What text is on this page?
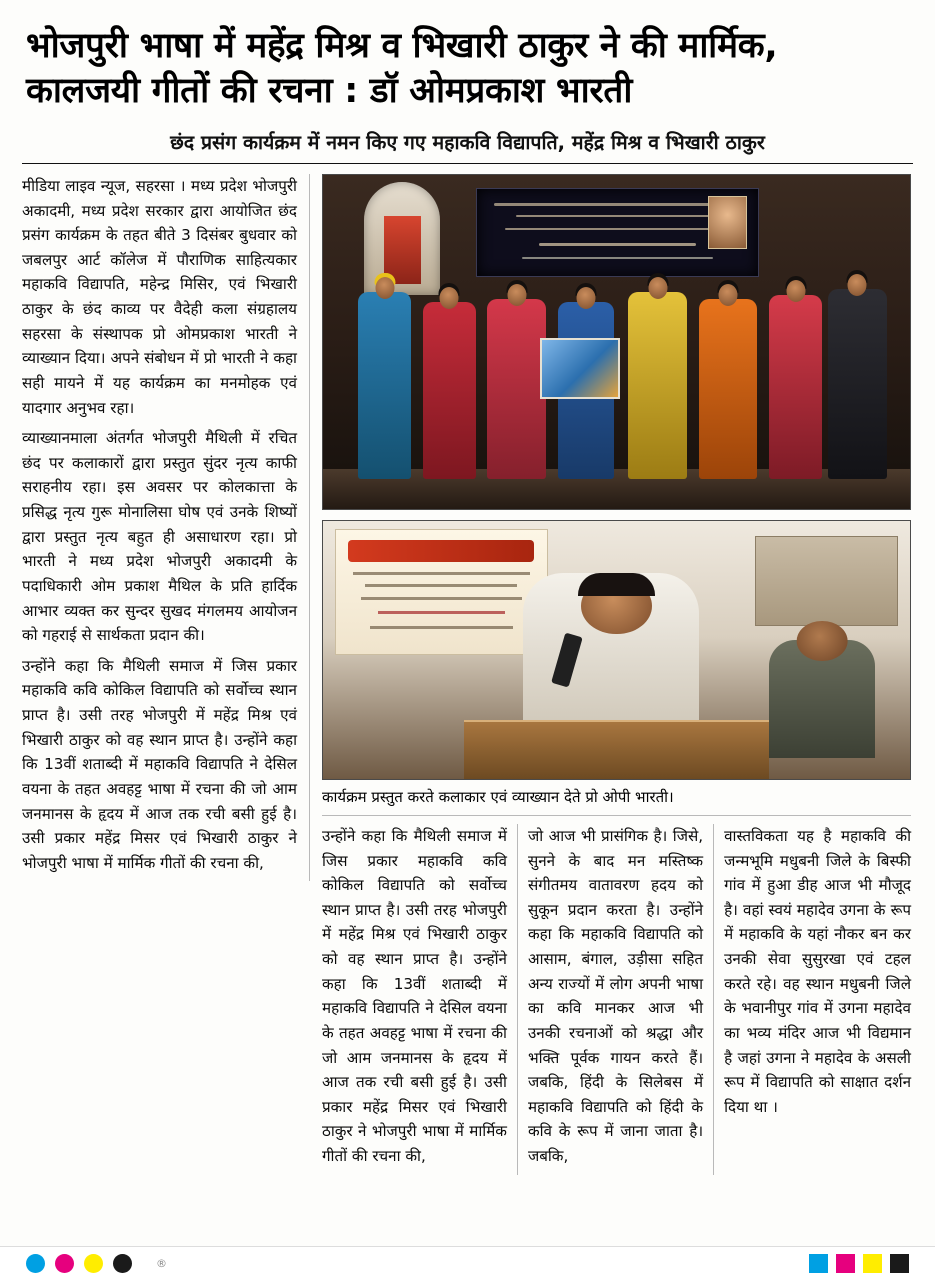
भोजपुरी भाषा में महेंद्र मिश्र व भिखारी ठाकुर ने की मार्मिक,
कालजयी गीतों की रचना : डॉ ओमप्रकाश भारती
छंद प्रसंग कार्यक्रम में नमन किए गए महाकवि विद्यापति, महेंद्र मिश्र व भिखारी ठाकुर

मीडिया लाइव न्यूज, सहरसा । मध्य प्रदेश भोजपुरी अकादमी, मध्य प्रदेश सरकार द्वारा आयोजित छंद प्रसंग कार्यक्रम के तहत बीते 3 दिसंबर बुधवार को जबलपुर आर्ट कॉलेज में पौराणिक साहित्यकार महाकवि विद्यापति, महेन्द्र मिसिर, एवं भिखारी ठाकुर के छंद काव्य पर वैदेही कला संग्रहालय सहरसा के संस्थापक प्रो ओमप्रकाश भारती ने व्याख्यान दिया। अपने संबोधन में प्रो भारती ने कहा सही मायने में यह कार्यक्रम का मनमोहक एवं यादगार अनुभव रहा।

व्याख्यानमाला अंतर्गत भोजपुरी मैथिली में रचित छंद पर कलाकारों द्वारा प्रस्तुत सुंदर नृत्य काफी सराहनीय रहा। इस अवसर पर कोलकात्ता के प्रसिद्ध नृत्य गुरू मोनालिसा घोष एवं उनके शिष्यों द्वारा प्रस्तुत नृत्य बहुत ही असाधारण रहा। प्रो भारती ने मध्य प्रदेश भोजपुरी अकादमी के पदाधिकारी ओम प्रकाश मैथिल के प्रति हार्दिक आभार व्यक्त कर सुन्दर सुखद मंगलमय आयोजन को गहराई से सार्थकता प्रदान की।

उन्होंने कहा कि मैथिली समाज में जिस प्रकार महाकवि कवि कोकिल विद्यापति को सर्वोच्च स्थान प्राप्त है। उसी तरह भोजपुरी में महेंद्र मिश्र एवं भिखारी ठाकुर को वह स्थान प्राप्त है। उन्होंने कहा कि 13वीं शताब्दी में महाकवि विद्यापति ने देसिल वयना के तहत अवहट्ट भाषा में रचना की जो आम जनमानस के हृदय में आज तक रची बसी हुई है। उसी प्रकार महेंद्र मिसर एवं भिखारी ठाकुर ने भोजपुरी भाषा में मार्मिक गीतों की रचना की,

कार्यक्रम प्रस्तुत करते कलाकार एवं व्याख्यान देते प्रो ओपी भारती।

उन्होंने कहा कि मैथिली समाज में जिस प्रकार महाकवि कवि कोकिल विद्यापति को सर्वोच्च स्थान प्राप्त है। उसी तरह भोजपुरी में महेंद्र मिश्र एवं भिखारी ठाकुर को वह स्थान प्राप्त है। उन्होंने कहा कि 13वीं शताब्दी में महाकवि विद्यापति ने देसिल वयना के तहत अवहट्ट भाषा में रचना की जो आम जनमानस के हृदय में आज तक रची बसी हुई है। उसी प्रकार महेंद्र मिसर एवं भिखारी ठाकुर ने भोजपुरी भाषा में मार्मिक गीतों की रचना की,

जो आज भी प्रासंगिक है। जिसे, सुनने के बाद मन मस्तिष्क संगीतमय वातावरण हदय को सुकून प्रदान करता है। उन्होंने कहा कि महाकवि विद्यापति को आसाम, बंगाल, उड़ीसा सहित अन्य राज्यों में लोग अपनी भाषा का कवि मानकर आज भी उनकी रचनाओं को श्रद्धा और भक्ति पूर्वक गायन करते हैं। जबकि, हिंदी के सिलेबस में महाकवि विद्यापति को हिंदी के कवि के रूप में जाना जाता है। जबकि,

वास्तविकता यह है महाकवि की जन्मभूमि मधुबनी जिले के बिस्फी गांव में हुआ डीह आज भी मौजूद है। वहां स्वयं महादेव उगना के रूप में महाकवि के यहां नौकर बन कर उनकी सेवा सुसुरखा एवं टहल करते रहे। वह स्थान मधुबनी जिले के भवानीपुर गांव में उगना महादेव का भव्य मंदिर आज भी विद्यमान है जहां उगना ने महादेव के असली रूप में विद्यापति को साक्षात दर्शन दिया था ।

®
